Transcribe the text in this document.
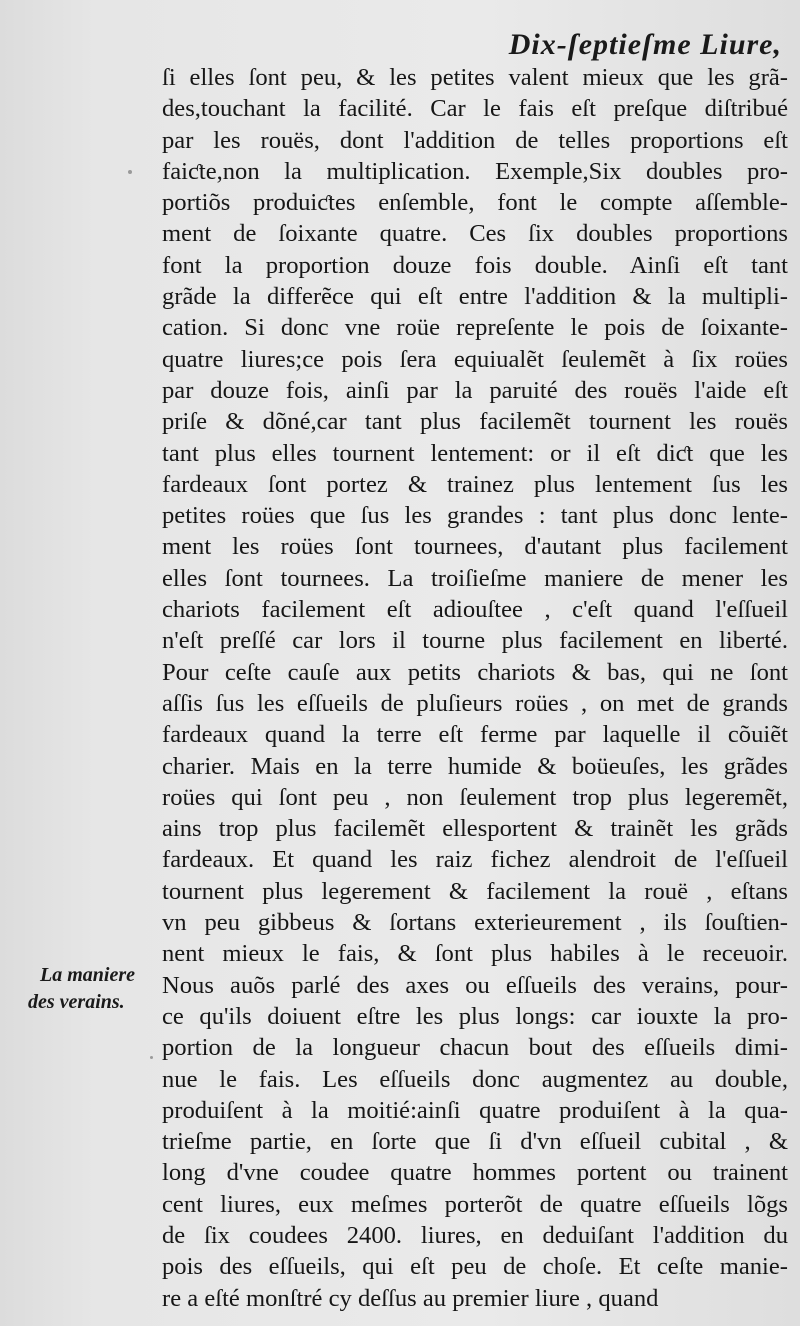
Dix-ſeptieſme Liure,
ſi elles ſont peu, & les petites valent mieux que les grã-
des,touchant la facilité. Car le fais eſt preſque diſtribué
par les rouës, dont l'addition de telles proportions eſt
faiƈte,non la multiplication. Exemple,Six doubles pro-
portiõs produiƈtes enſemble, font le compte aſſemble-
ment de ſoixante quatre. Ces ſix doubles proportions
font la proportion douze fois double. Ainſi eſt tant
grãde la differẽce qui eſt entre l'addition & la multipli-
cation. Si donc vne roüe repreſente le pois de ſoixante-
quatre liures;ce pois ſera equiualẽt ſeulemẽt à ſix roües
par douze fois, ainſi par la paruité des rouës l'aide eſt
priſe & dõné,car tant plus facilemẽt tournent les rouës
tant plus elles tournent lentement: or il eſt diƈt que les
fardeaux ſont portez & trainez plus lentement ſus les
petites roües que ſus les grandes : tant plus donc lente-
ment les roües ſont tournees, d'autant plus facilement
elles ſont tournees. La troiſieſme maniere de mener les
chariots facilement eſt adiouſtee , c'eſt quand l'eſſueil
n'eſt preſſé car lors il tourne plus facilement en liberté.
Pour ceſte cauſe aux petits chariots & bas, qui ne ſont
aſſis ſus les eſſueils de pluſieurs roües , on met de grands
fardeaux quand la terre eſt ferme par laquelle il cõuiẽt
charier. Mais en la terre humide & boüeuſes, les grãdes
roües qui ſont peu , non ſeulement trop plus legeremẽt,
ains trop plus facilemẽt ellesportent & trainẽt les grãds
fardeaux. Et quand les raiz fichez alendroit de l'eſſueil
tournent plus legerement & facilement la rouë , eſtans
vn peu gibbeus & ſortans exterieurement , ils ſouſtien-
nent mieux le fais, & ſont plus habiles à le receuoir.
Nous auõs parlé des axes ou eſſueils des verains, pour-
ce qu'ils doiuent eſtre les plus longs: car iouxte la pro-
portion de la longueur chacun bout des eſſueils dimi-
nue le fais. Les eſſueils donc augmentez au double,
produiſent à la moitié:ainſi quatre produiſent à la qua-
trieſme partie, en ſorte que ſi d'vn eſſueil cubital , &
long d'vne coudee quatre hommes portent ou trainent
cent liures, eux meſmes porterõt de quatre eſſueils lõgs
de ſix coudees 2400. liures, en deduiſant l'addition du
pois des eſſueils, qui eſt peu de choſe. Et ceſte manie-
re a eſté monſtré cy deſſus au premier liure , quand
La maniere
des verains.
